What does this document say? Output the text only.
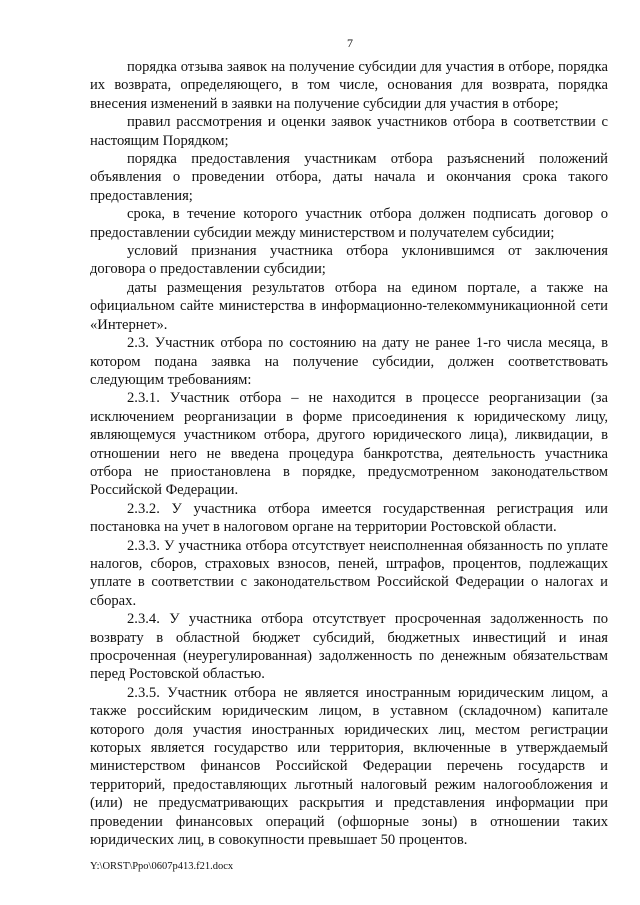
7

порядка отзыва заявок на получение субсидии для участия в отборе, порядка их возврата, определяющего, в том числе, основания для возврата, порядка внесения изменений в заявки на получение субсидии для участия в отборе;

правил рассмотрения и оценки заявок участников отбора в соответствии с настоящим Порядком;

порядка предоставления участникам отбора разъяснений положений объявления о проведении отбора, даты начала и окончания срока такого предоставления;

срока, в течение которого участник отбора должен подписать договор о предоставлении субсидии между министерством и получателем субсидии;

условий признания участника отбора уклонившимся от заключения договора о предоставлении субсидии;

даты размещения результатов отбора на едином портале, а также на официальном сайте министерства в информационно-телекоммуникационной сети «Интернет».

2.3. Участник отбора по состоянию на дату не ранее 1-го числа месяца, в котором подана заявка на получение субсидии, должен соответствовать следующим требованиям:

2.3.1. Участник отбора – не находится в процессе реорганизации (за исключением реорганизации в форме присоединения к юридическому лицу, являющемуся участником отбора, другого юридического лица), ликвидации, в отношении него не введена процедура банкротства, деятельность участника отбора не приостановлена в порядке, предусмотренном законодательством Российской Федерации.

2.3.2. У участника отбора имеется государственная регистрация или постановка на учет в налоговом органе на территории Ростовской области.

2.3.3. У участника отбора отсутствует неисполненная обязанность по уплате налогов, сборов, страховых взносов, пеней, штрафов, процентов, подлежащих уплате в соответствии с законодательством Российской Федерации о налогах и сборах.

2.3.4. У участника отбора отсутствует просроченная задолженность по возврату в областной бюджет субсидий, бюджетных инвестиций и иная просроченная (неурегулированная) задолженность по денежным обязательствам перед Ростовской областью.

2.3.5. Участник отбора не является иностранным юридическим лицом, а также российским юридическим лицом, в уставном (складочном) капитале которого доля участия иностранных юридических лиц, местом регистрации которых является государство или территория, включенные в утверждаемый министерством финансов Российской Федерации перечень государств и территорий, предоставляющих льготный налоговый режим налогообложения и (или) не предусматривающих раскрытия и представления информации при проведении финансовых операций (офшорные зоны) в отношении таких юридических лиц, в совокупности превышает 50 процентов.

Y:\ORST\Ppo\0607p413.f21.docx
